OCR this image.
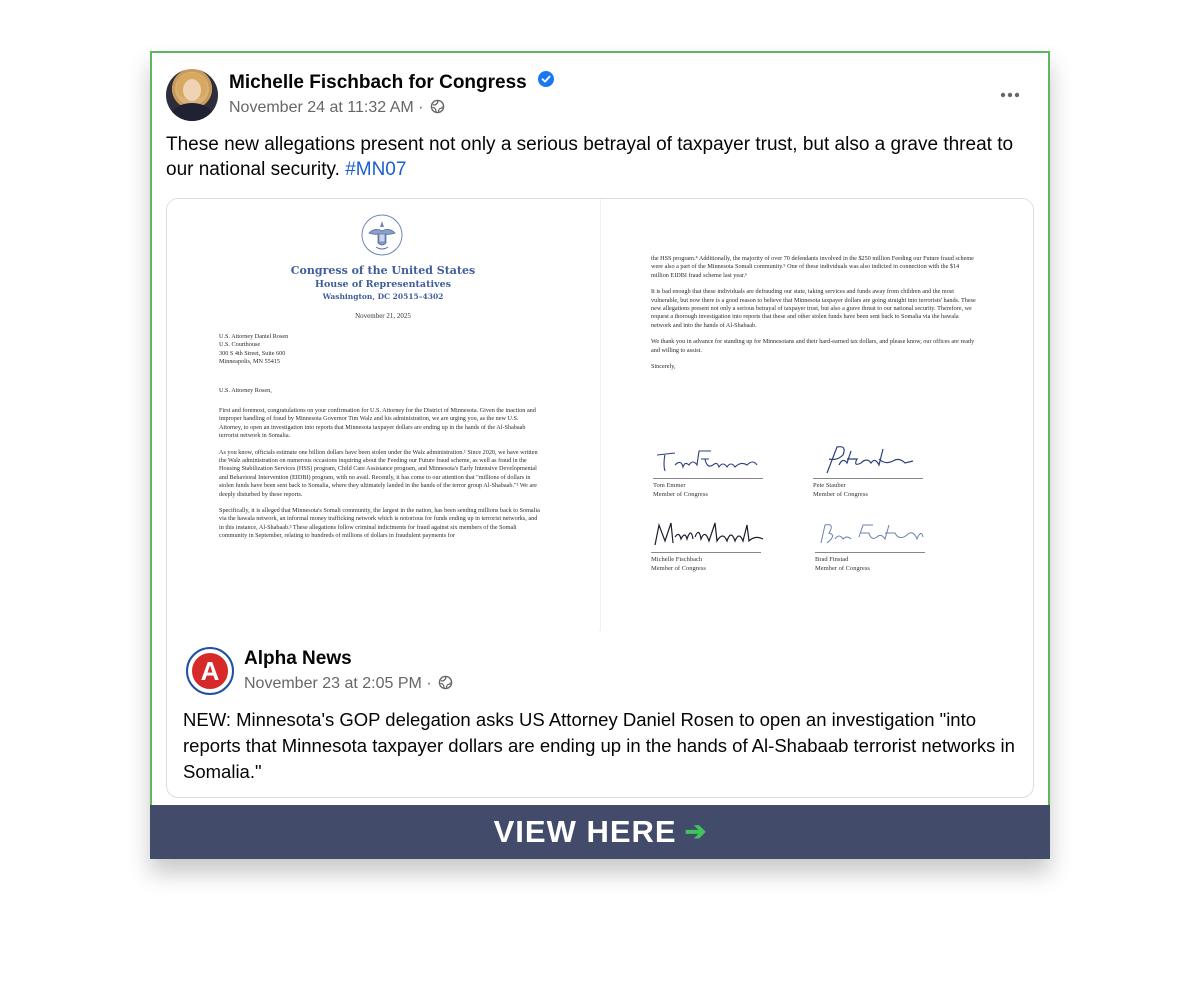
Michelle Fischbach for Congress
November 24 at 11:32 AM ·
These new allegations present not only a serious betrayal of taxpayer trust, but also a grave threat to our national security. #MN07
Congress of the United States
House of Representatives
Washington, DC 20515–4302
November 21, 2025
U.S. Attorney Daniel Rosen
U.S. Courthouse
300 S 4th Street, Suite 600
Minneapolis, MN 55415
U.S. Attorney Rosen,

First and foremost, congratulations on your confirmation for U.S. Attorney for the District of Minnesota. Given the inaction and improper handling of fraud by Minnesota Governor Tim Walz and his administration, we are urging you, as the new U.S. Attorney, to open an investigation into reports that Minnesota taxpayer dollars are ending up in the hands of the Al-Shabaab terrorist network in Somalia.

As you know, officials estimate one billion dollars have been stolen under the Walz administration.¹ Since 2020, we have written the Walz administration on numerous occasions inquiring about the Feeding our Future fraud scheme, as well as fraud in the Housing Stabilization Services (HSS) program, Child Care Assistance program, and Minnesota's Early Intensive Developmental and Behavioral Intervention (EIDBI) program, with no avail. Recently, it has come to our attention that "millions of dollars in stolen funds have been sent back to Somalia, where they ultimately landed in the hands of the terror group Al-Shabaab."² We are deeply disturbed by these reports.

Specifically, it is alleged that Minnesota's Somali community, the largest in the nation, has been sending millions back to Somalia via the hawala network, an informal money trafficking network which is notorious for funds ending up in terrorist networks, and in this instance, Al-Shabaab.³ These allegations follow criminal indictments for fraud against six members of the Somali community in September, relating to hundreds of millions of dollars in fraudulent payments for

the HSS program.⁴ Additionally, the majority of over 70 defendants involved in the $250 million Feeding our Future fraud scheme were also a part of the Minnesota Somali community.⁵ One of these individuals was also indicted in connection with the $14 million EIDBI fraud scheme last year.⁶

It is bad enough that these individuals are defrauding our state, taking services and funds away from children and the most vulnerable, but now there is a good reason to believe that Minnesota taxpayer dollars are going straight into terrorists' hands. These new allegations present not only a serious betrayal of taxpayer trust, but also a grave threat to our national security. Therefore, we request a thorough investigation into reports that these and other stolen funds have been sent back to Somalia via the hawala network and into the hands of Al-Shabaab.

We thank you in advance for standing up for Minnesotans and their hard-earned tax dollars, and please know, our offices are ready and willing to assist.

Sincerely,

Tom Emmer
Member of Congress
Pete Stauber
Member of Congress
Michelle Fischbach
Member of Congress
Brad Finstad
Member of Congress
A Alpha News
November 23 at 2:05 PM ·
NEW: Minnesota's GOP delegation asks US Attorney Daniel Rosen to open an investigation "into reports that Minnesota taxpayer dollars are ending up in the hands of Al-Shabaab terrorist networks in Somalia."
VIEW HERE ➔
